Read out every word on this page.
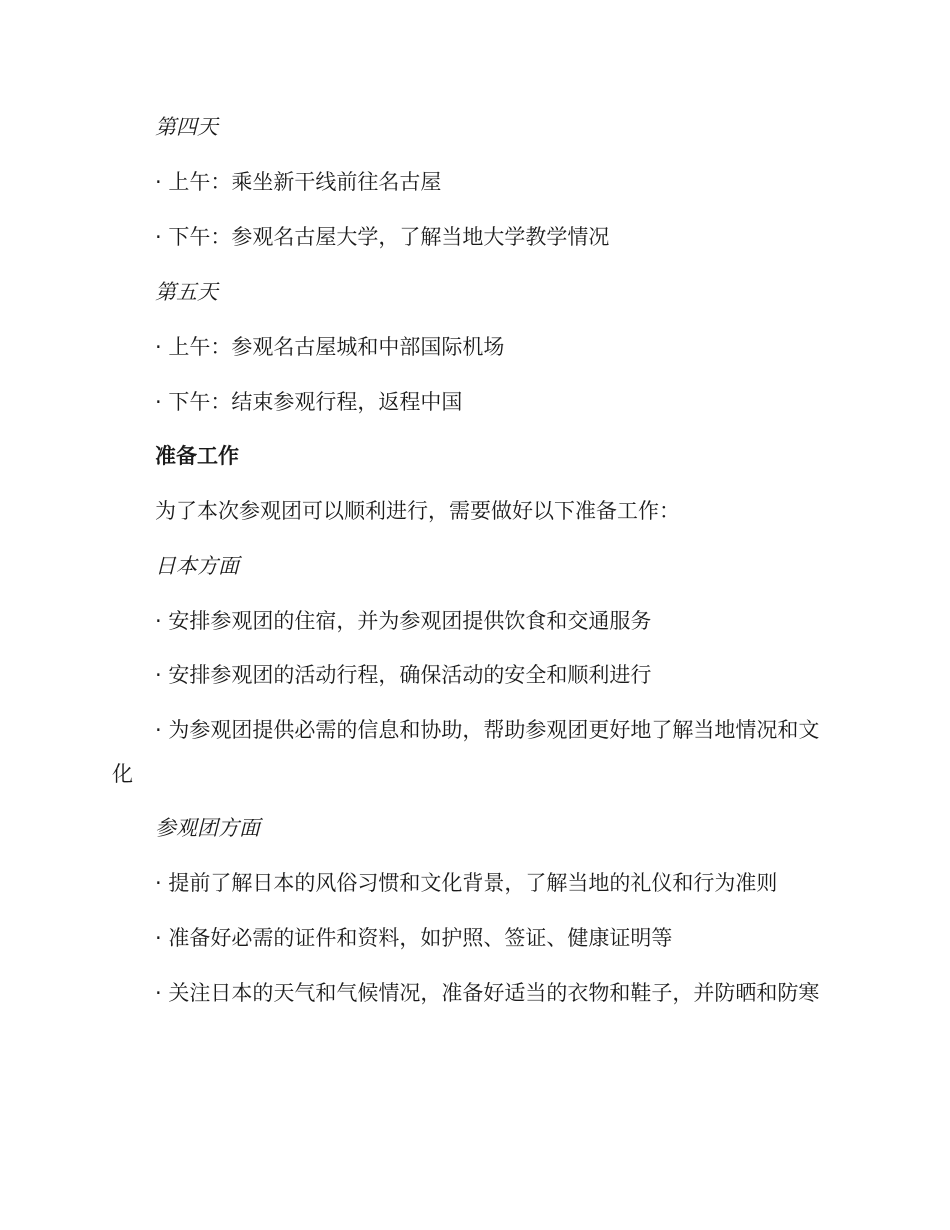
第四天

· 上午：乘坐新干线前往名古屋

· 下午：参观名古屋大学，了解当地大学教学情况

第五天

· 上午：参观名古屋城和中部国际机场

· 下午：结束参观行程，返程中国

准备工作

为了本次参观团可以顺利进行，需要做好以下准备工作：

日本方面

· 安排参观团的住宿，并为参观团提供饮食和交通服务

· 安排参观团的活动行程，确保活动的安全和顺利进行

· 为参观团提供必需的信息和协助，帮助参观团更好地了解当地情况和文化

参观团方面

· 提前了解日本的风俗习惯和文化背景，了解当地的礼仪和行为准则

· 准备好必需的证件和资料，如护照、签证、健康证明等

· 关注日本的天气和气候情况，准备好适当的衣物和鞋子，并防晒和防寒
